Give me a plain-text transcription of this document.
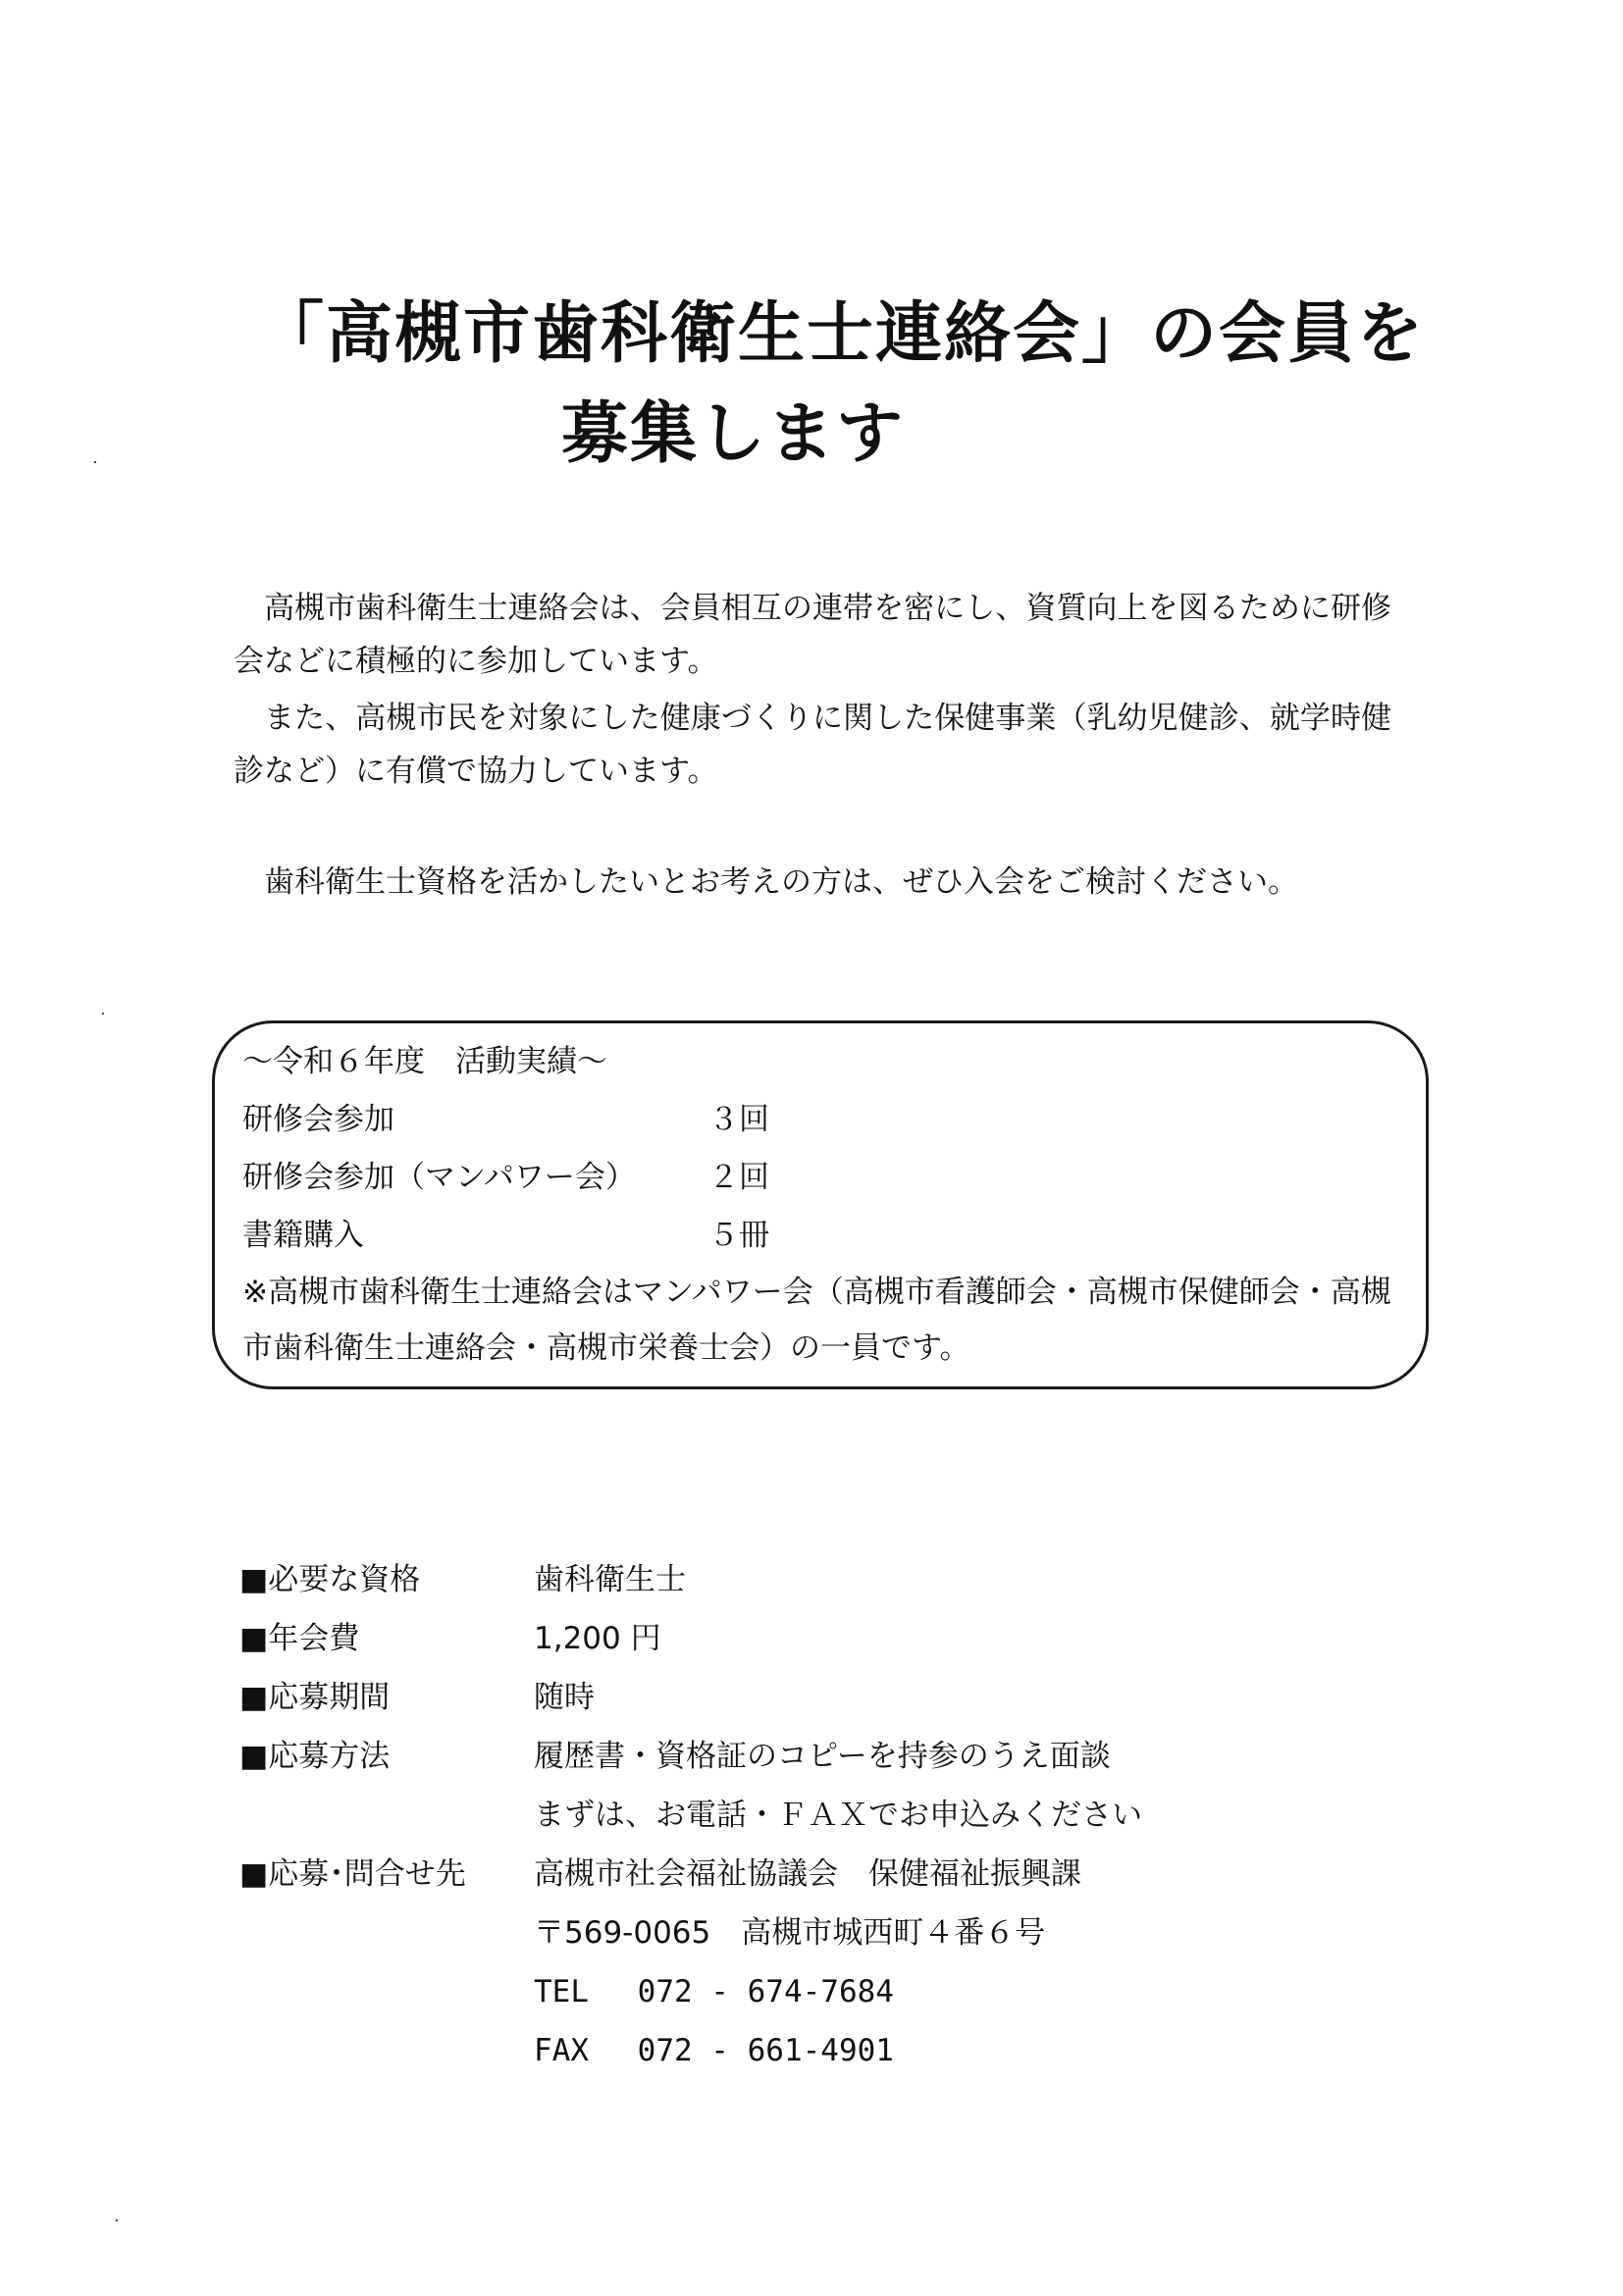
「高槻市歯科衛生士連絡会」の会員を
募集します

高槻市歯科衛生士連絡会は、会員相互の連帯を密にし、資質向上を図るために研修会などに積極的に参加しています。

また、高槻市民を対象にした健康づくりに関した保健事業（乳幼児健診、就学時健診など）に有償で協力しています。

歯科衛生士資格を活かしたいとお考えの方は、ぜひ入会をご検討ください。

～令和６年度　活動実績～
研修会参加	３回
研修会参加（マンパワー会）	２回
書籍購入	５冊
※高槻市歯科衛生士連絡会はマンパワー会（高槻市看護師会・高槻市保健師会・高槻市歯科衛生士連絡会・高槻市栄養士会）の一員です。
■必要な資格	歯科衛生士
■年会費	1,200 円
■応募期間	随時
■応募方法	履歴書・資格証のコピーを持参のうえ面談
まずは、お電話・ＦＡＸでお申込みください
■応募･問合せ先	高槻市社会福祉協議会　保健福祉振興課
〒569-0065　高槻市城西町４番６号
TEL　 072 - 674-7684
FAX　 072 - 661-4901
